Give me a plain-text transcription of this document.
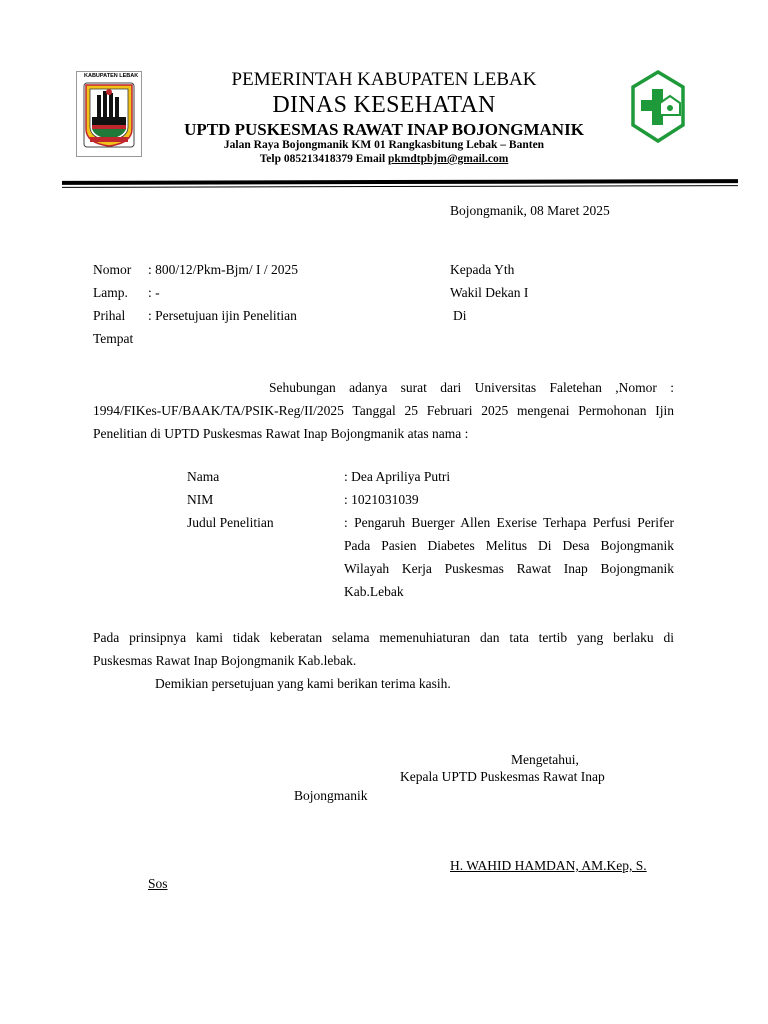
KABUPATEN LEBAK	PEMERINTAH KABUPATEN LEBAK
DINAS KESEHATAN
UPTD PUSKESMAS RAWAT INAP BOJONGMANIK
Jalan Raya Bojongmanik KM 01 Rangkasbitung Lebak – Banten
Telp 085213418379 Email pkmdtpbjm@gmail.com
Bojongmanik, 08 Maret 2025
Nomor : 800/12/Pkm-Bjm/ I / 2025
Lamp. : -
Prihal : Persetujuan ijin Penelitian
Tempat
Kepada Yth
Wakil Dekan I
Di
Sehubungan adanya surat dari Universitas Faletehan ,Nomor :
1994/FIKes-UF/BAAK/TA/PSIK-Reg/II/2025 Tanggal 25 Februari 2025 mengenai Permohonan Ijin
Penelitian di UPTD Puskesmas Rawat Inap Bojongmanik atas nama :
Nama	: Dea Apriliya Putri
NIM	: 1021031039
Judul Penelitian	: Pengaruh Buerger Allen Exerise Terhapa Perfusi Perifer
Pada Pasien Diabetes Melitus Di Desa Bojongmanik
Wilayah Kerja Puskesmas Rawat Inap Bojongmanik
Kab.Lebak
Pada prinsipnya kami tidak keberatan selama memenuhiaturan dan tata tertib yang berlaku di
Puskesmas Rawat Inap Bojongmanik Kab.lebak.
Demikian persetujuan yang kami berikan terima kasih.
Mengetahui,
Kepala UPTD Puskesmas Rawat Inap
Bojongmanik
H. WAHID HAMDAN, AM.Kep, S.
Sos
